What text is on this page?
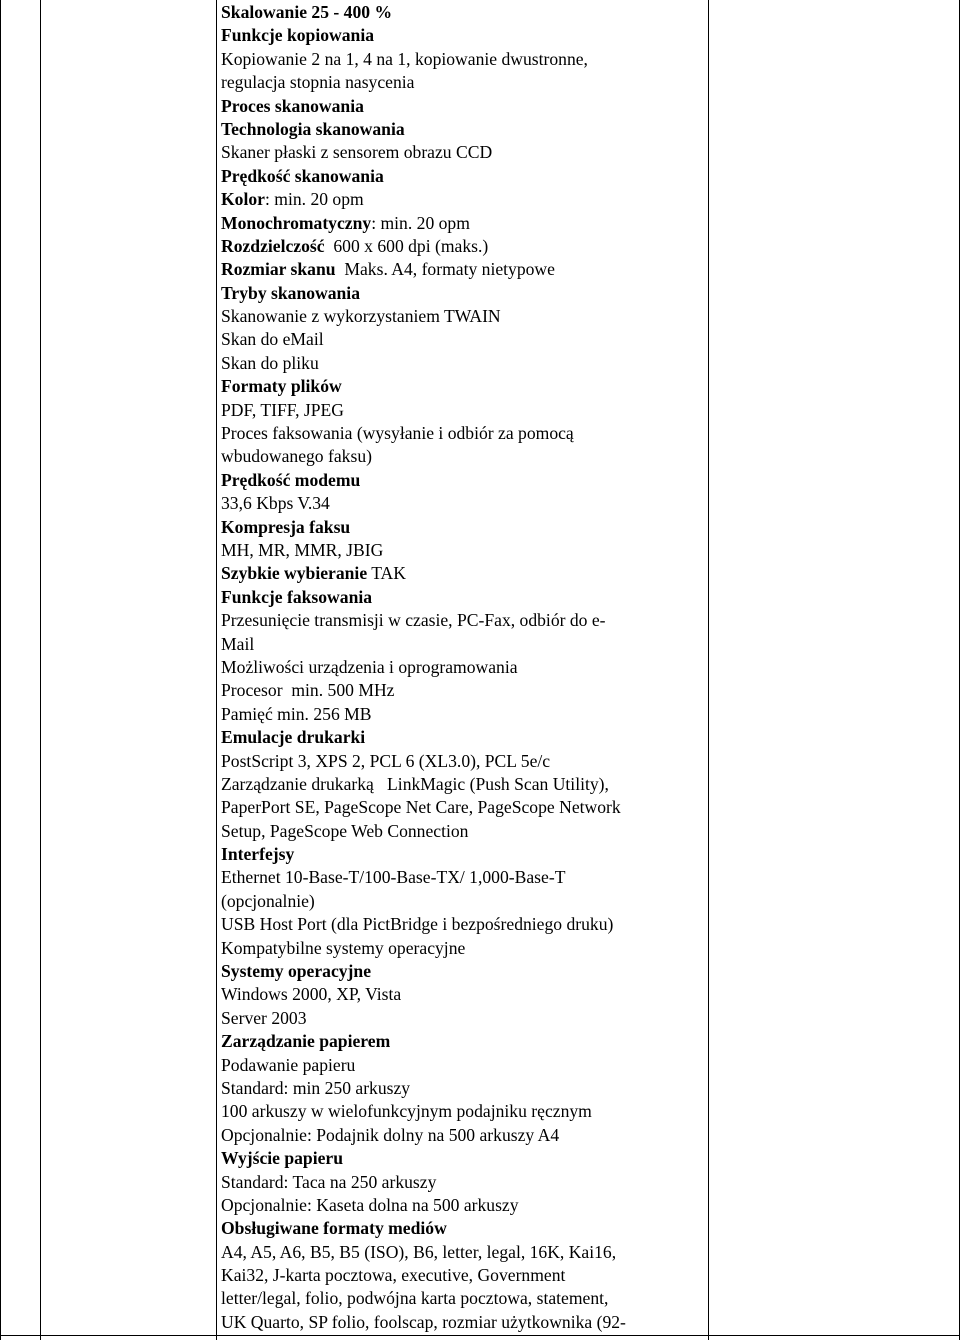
Skalowanie 25 - 400 %
Funkcje kopiowania
Kopiowanie 2 na 1, 4 na 1, kopiowanie dwustronne,
regulacja stopnia nasycenia
Proces skanowania
Technologia skanowania
Skaner płaski z sensorem obrazu CCD
Prędkość skanowania
Kolor: min. 20 opm
Monochromatyczny: min. 20 opm
Rozdzielczość  600 x 600 dpi (maks.)
Rozmiar skanu  Maks. A4, formaty nietypowe
Tryby skanowania
Skanowanie z wykorzystaniem TWAIN
Skan do eMail
Skan do pliku
Formaty plików
PDF, TIFF, JPEG
Proces faksowania (wysyłanie i odbiór za pomocą
wbudowanego faksu)
Prędkość modemu
33,6 Kbps V.34
Kompresja faksu
MH, MR, MMR, JBIG
Szybkie wybieranie TAK
Funkcje faksowania
Przesunięcie transmisji w czasie, PC-Fax, odbiór do e-
Mail
Możliwości urządzenia i oprogramowania
Procesor  min. 500 MHz
Pamięć min. 256 MB
Emulacje drukarki
PostScript 3, XPS 2, PCL 6 (XL3.0), PCL 5e/c
Zarządzanie drukarką   LinkMagic (Push Scan Utility),
PaperPort SE, PageScope Net Care, PageScope Network
Setup, PageScope Web Connection
Interfejsy
Ethernet 10-Base-T/100-Base-TX/ 1,000-Base-T
(opcjonalnie)
USB Host Port (dla PictBridge i bezpośredniego druku)
Kompatybilne systemy operacyjne
Systemy operacyjne
Windows 2000, XP, Vista
Server 2003
Zarządzanie papierem
Podawanie papieru
Standard: min 250 arkuszy
100 arkuszy w wielofunkcyjnym podajniku ręcznym
Opcjonalnie: Podajnik dolny na 500 arkuszy A4
Wyjście papieru
Standard: Taca na 250 arkuszy
Opcjonalnie: Kaseta dolna na 500 arkuszy
Obsługiwane formaty mediów
A4, A5, A6, B5, B5 (ISO), B6, letter, legal, 16K, Kai16,
Kai32, J-karta pocztowa, executive, Government
letter/legal, folio, podwójna karta pocztowa, statement,
UK Quarto, SP folio, foolscap, rozmiar użytkownika (92-
